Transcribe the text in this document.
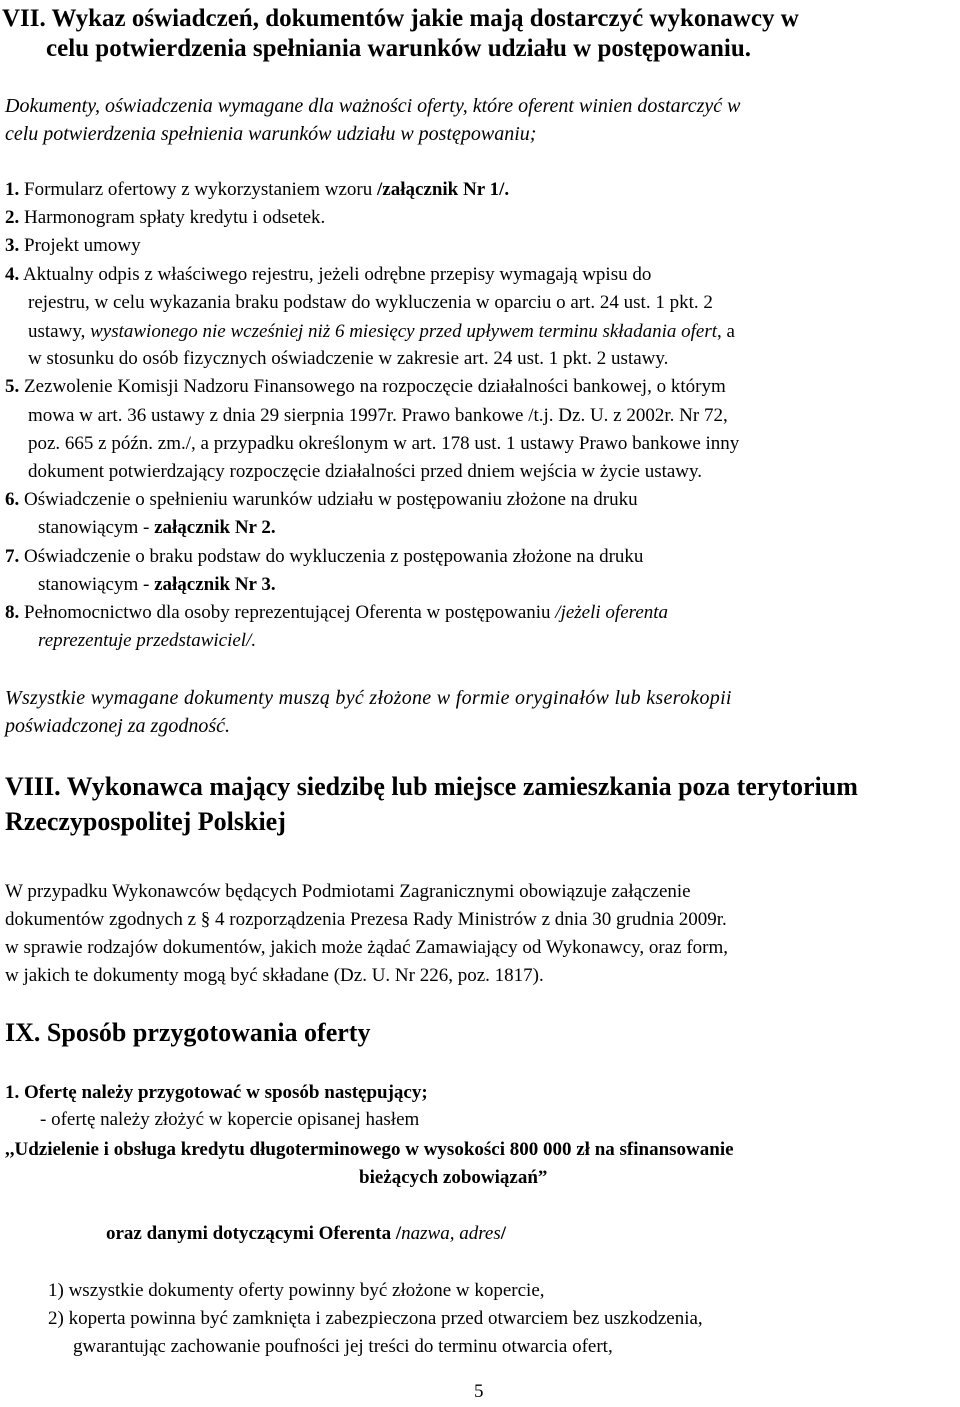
VII. Wykaz oświadczeń, dokumentów jakie mają dostarczyć wykonawcy w
celu potwierdzenia spełniania warunków udziału w postępowaniu.
Dokumenty, oświadczenia wymagane dla ważności oferty, które oferent winien dostarczyć w
celu potwierdzenia spełnienia warunków udziału w postępowaniu;
1. Formularz ofertowy z wykorzystaniem wzoru /załącznik Nr 1/.
2. Harmonogram spłaty kredytu i odsetek.
3. Projekt umowy
4. Aktualny odpis z właściwego rejestru, jeżeli odrębne przepisy wymagają wpisu do
rejestru, w celu wykazania braku podstaw do wykluczenia w oparciu o art. 24 ust. 1 pkt. 2
ustawy, wystawionego nie wcześniej niż 6 miesięcy przed upływem terminu składania ofert, a
w stosunku do osób fizycznych oświadczenie w zakresie art. 24 ust. 1 pkt. 2 ustawy.
5. Zezwolenie Komisji Nadzoru Finansowego na rozpoczęcie działalności bankowej, o którym
mowa w art. 36 ustawy z dnia 29 sierpnia 1997r. Prawo bankowe /t.j. Dz. U. z 2002r. Nr 72,
poz. 665 z późn. zm./, a przypadku określonym w art. 178 ust. 1 ustawy Prawo bankowe inny
dokument potwierdzający rozpoczęcie działalności przed dniem wejścia w życie ustawy.
6. Oświadczenie o spełnieniu warunków udziału w postępowaniu złożone na druku
stanowiącym - załącznik Nr 2.
7. Oświadczenie o braku podstaw do wykluczenia z postępowania złożone na druku
stanowiącym - załącznik Nr 3.
8. Pełnomocnictwo dla osoby reprezentującej Oferenta w postępowaniu /jeżeli oferenta
reprezentuje przedstawiciel/.
Wszystkie wymagane dokumenty muszą być złożone w formie oryginałów lub kserokopii
poświadczonej za zgodność.
VIII. Wykonawca mający siedzibę lub miejsce zamieszkania poza terytorium
Rzeczypospolitej Polskiej
W przypadku Wykonawców będących Podmiotami Zagranicznymi obowiązuje załączenie
dokumentów zgodnych z § 4 rozporządzenia Prezesa Rady Ministrów z dnia 30 grudnia 2009r.
w sprawie rodzajów dokumentów, jakich może żądać Zamawiający od Wykonawcy, oraz form,
w jakich te dokumenty mogą być składane (Dz. U. Nr 226, poz. 1817).
IX. Sposób przygotowania oferty
1. Ofertę należy przygotować w sposób następujący;
- ofertę należy złożyć w kopercie opisanej hasłem
,,Udzielenie i obsługa kredytu długoterminowego w wysokości 800 000 zł na sfinansowanie
bieżących zobowiązań”
oraz danymi dotyczącymi Oferenta /nazwa, adres/
1) wszystkie dokumenty oferty powinny być złożone w kopercie,
2) koperta powinna być zamknięta i zabezpieczona przed otwarciem bez uszkodzenia,
gwarantując zachowanie poufności jej treści do terminu otwarcia ofert,
5
